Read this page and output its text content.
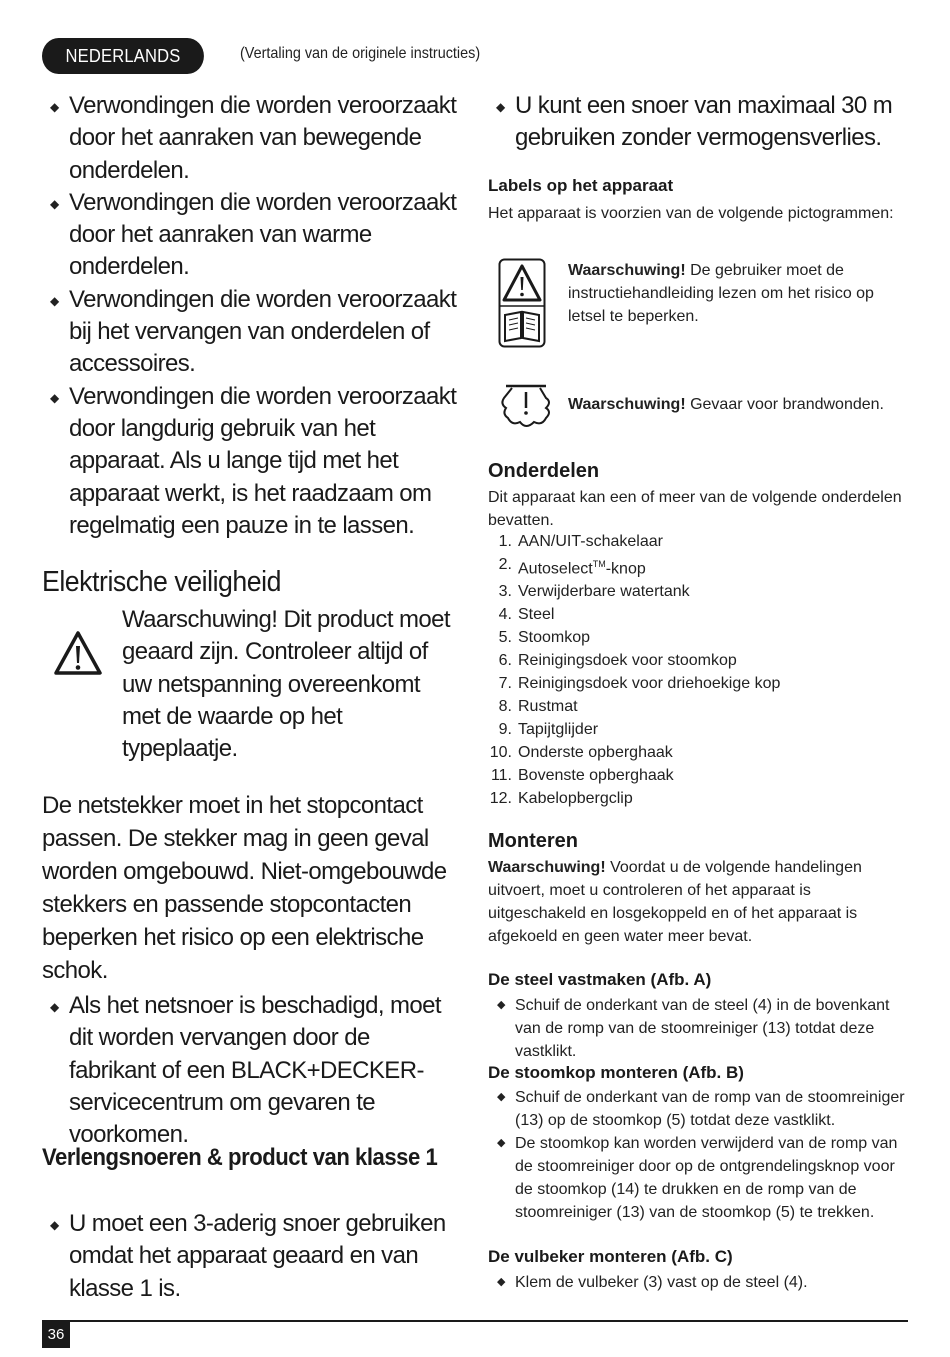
NEDERLANDS	(Vertaling van de originele instructies)
◆ Verwondingen die worden veroorzaakt door het aanraken van bewegende onderdelen.
◆ Verwondingen die worden veroorzaakt door het aanraken van warme onderdelen.
◆ Verwondingen die worden veroorzaakt bij het vervangen van onderdelen of accessoires.
◆ Verwondingen die worden veroorzaakt door langdurig gebruik van het apparaat. Als u lange tijd met het apparaat werkt, is het raadzaam om regelmatig een pauze in te lassen.
Elektrische veiligheid
Waarschuwing! Dit product moet geaard zijn. Controleer altijd of uw netspanning overeenkomt met de waarde op het typeplaatje.

De netstekker moet in het stopcontact passen. De stekker mag in geen geval worden omgebouwd. Niet-omgebouwde stekkers en passende stopcontacten beperken het risico op een elektrische schok.

◆ Als het netsnoer is beschadigd, moet dit worden vervangen door de fabrikant of een BLACK+DECKER-servicecentrum om gevaren te voorkomen.
Verlengsnoeren & product van klasse 1
◆ U moet een 3-aderig snoer gebruiken omdat het apparaat geaard en van klasse 1 is.
◆ U kunt een snoer van maximaal 30 m gebruiken zonder vermogensverlies.
Labels op het apparaat

Het apparaat is voorzien van de volgende pictogrammen:

Waarschuwing! De gebruiker moet de instructiehandleiding lezen om het risico op letsel te beperken.
Waarschuwing! Gevaar voor brandwonden.
Onderdelen

Dit apparaat kan een of meer van de volgende onderdelen bevatten.

1. AAN/UIT-schakelaar
2. Autoselect™-knop
3. Verwijderbare watertank
4. Steel
5. Stoomkop
6. Reinigingsdoek voor stoomkop
7. Reinigingsdoek voor driehoekige kop
8. Rustmat
9. Tapijtglijder
10. Onderste opberghaak
11. Bovenste opberghaak
12. Kabelopbergclip
Monteren

Waarschuwing! Voordat u de volgende handelingen uitvoert, moet u controleren of het apparaat is uitgeschakeld en losgekoppeld en of het apparaat is afgekoeld en geen water meer bevat.

De steel vastmaken (Afb. A)
◆ Schuif de onderkant van de steel (4) in de bovenkant van de romp van de stoomreiniger (13) totdat deze vastklikt.
De stoomkop monteren (Afb. B)
◆ Schuif de onderkant van de romp van de stoomreiniger (13) op de stoomkop (5) totdat deze vastklikt.
◆ De stoomkop kan worden verwijderd van de romp van de stoomreiniger door op de ontgrendelingsknop voor de stoomkop (14) te drukken en de romp van de stoomreiniger (13) van de stoomkop (5) te trekken.
De vulbeker monteren (Afb. C)
◆ Klem de vulbeker (3) vast op de steel (4).
36
